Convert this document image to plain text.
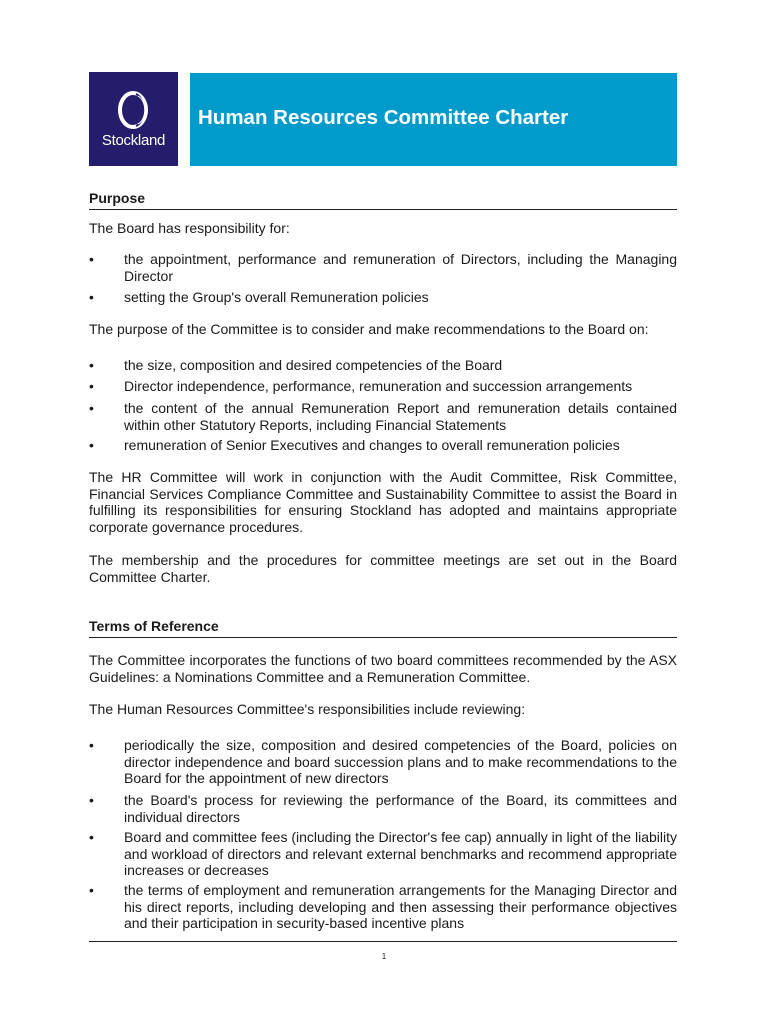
Stockland
Human Resources Committee Charter
Purpose
The Board has responsibility for:
• the appointment, performance and remuneration of Directors, including the Managing Director
• setting the Group's overall Remuneration policies
The purpose of the Committee is to consider and make recommendations to the Board on:
• the size, composition and desired competencies of the Board
• Director independence, performance, remuneration and succession arrangements
• the content of the annual Remuneration Report and remuneration details contained within other Statutory Reports, including Financial Statements
• remuneration of Senior Executives and changes to overall remuneration policies
The HR Committee will work in conjunction with the Audit Committee, Risk Committee, Financial Services Compliance Committee and Sustainability Committee to assist the Board in fulfilling its responsibilities for ensuring Stockland has adopted and maintains appropriate corporate governance procedures.
The membership and the procedures for committee meetings are set out in the Board Committee Charter.
Terms of Reference
The Committee incorporates the functions of two board committees recommended by the ASX Guidelines: a Nominations Committee and a Remuneration Committee.
The Human Resources Committee's responsibilities include reviewing:
• periodically the size, composition and desired competencies of the Board, policies on director independence and board succession plans and to make recommendations to the Board for the appointment of new directors
• the Board's process for reviewing the performance of the Board, its committees and individual directors
• Board and committee fees (including the Director's fee cap) annually in light of the liability and workload of directors and relevant external benchmarks and recommend appropriate increases or decreases
• the terms of employment and remuneration arrangements for the Managing Director and his direct reports, including developing and then assessing their performance objectives and their participation in security-based incentive plans
1
